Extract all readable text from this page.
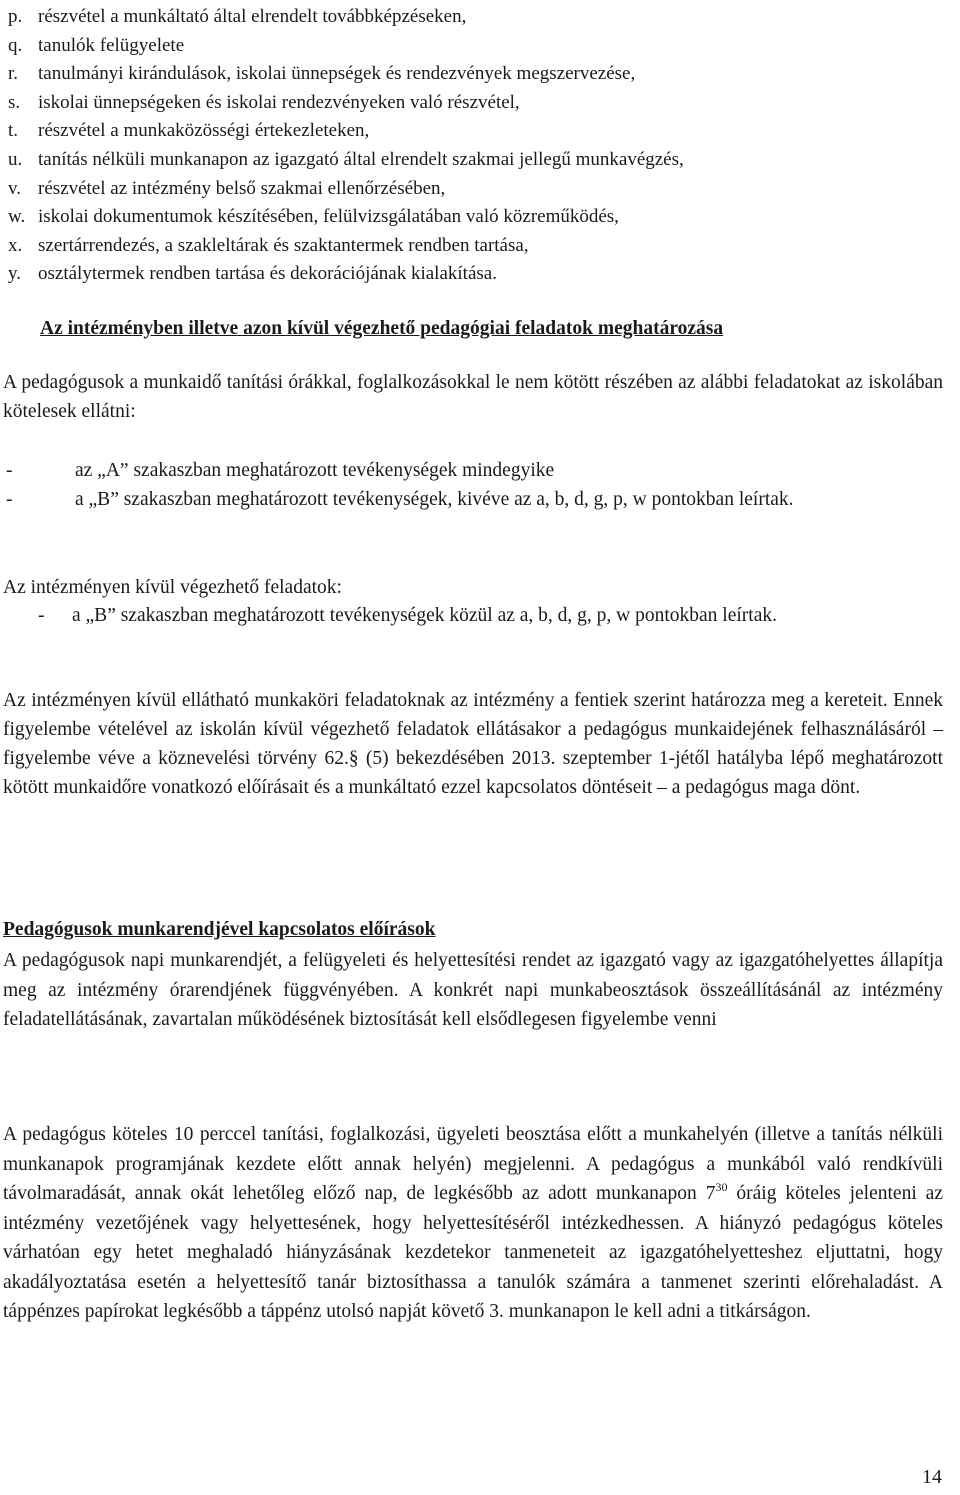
p. részvétel a munkáltató által elrendelt továbbképzéseken,
q. tanulók felügyelete
r.	tanulmányi kirándulások, iskolai ünnepségek és rendezvények megszervezése,
s. iskolai ünnepségeken és iskolai rendezvényeken való részvétel,
t.	részvétel a munkaközösségi értekezleteken,
u. tanítás nélküli munkanapon az igazgató által elrendelt szakmai jellegű munkavégzés,
v. részvétel az intézmény belső szakmai ellenőrzésében,
w. iskolai dokumentumok készítésében, felülvizsgálatában való közreműködés,
x. szertárrendezés, a szakleltárak és szaktantermek rendben tartása,
y. osztálytermek rendben tartása és dekorációjának kialakítása.
Az intézményben illetve azon kívül végezhető pedagógiai feladatok meghatározása

A pedagógusok a munkaidő tanítási órákkal, foglalkozásokkal le nem kötött részében az alábbi feladatokat az iskolában kötelesek ellátni:

-	az „A” szakaszban meghatározott tevékenységek mindegyike
-	a „B” szakaszban meghatározott tevékenységek, kivéve az a, b, d, g, p, w pontokban leírtak.

Az intézményen kívül végezhető feladatok:

-	a „B” szakaszban meghatározott tevékenységek közül az a, b, d, g, p, w pontokban leírtak.

Az intézményen kívül ellátható munkaköri feladatoknak az intézmény a fentiek szerint határozza meg a kereteit. Ennek figyelembe vételével az iskolán kívül végezhető feladatok ellátásakor a pedagógus munkaidejének felhasználásáról – figyelembe véve a köznevelési törvény 62.§ (5) bekezdésében 2013. szeptember 1-jétől hatályba lépő meghatározott kötött munkaidőre vonatkozó előírásait és a munkáltató ezzel kapcsolatos döntéseit – a pedagógus maga dönt.

Pedagógusok munkarendjével kapcsolatos előírások

A pedagógusok napi munkarendjét, a felügyeleti és helyettesítési rendet az igazgató vagy az igazgatóhelyettes állapítja meg az intézmény órarendjének függvényében. A konkrét napi munkabeosztások összeállításánál az intézmény feladatellátásának, zavartalan működésének biztosítását kell elsődlegesen figyelembe venni

A pedagógus köteles 10 perccel tanítási, foglalkozási, ügyeleti beosztása előtt a munkahelyén (illetve a tanítás nélküli munkanapok programjának kezdete előtt annak helyén) megjelenni. A pedagógus a munkából való rendkívüli távolmaradását, annak okát lehetőleg előző nap, de legkésőbb az adott munkanapon $7^{30}$ óráig köteles jelenteni az intézmény vezetőjének vagy helyettesének, hogy helyettesítéséről intézkedhessen. A hiányzó pedagógus köteles várhatóan egy hetet meghaladó hiányzásának kezdetekor tanmeneteit az igazgatóhelyetteshez eljuttatni, hogy akadályoztatása esetén a helyettesítő tanár biztosíthassa a tanulók számára a tanmenet szerinti előrehaladást. A táppénzes papírokat legkésőbb a táppénz utolsó napját követő 3. munkanapon le kell adni a titkárságon.

14
